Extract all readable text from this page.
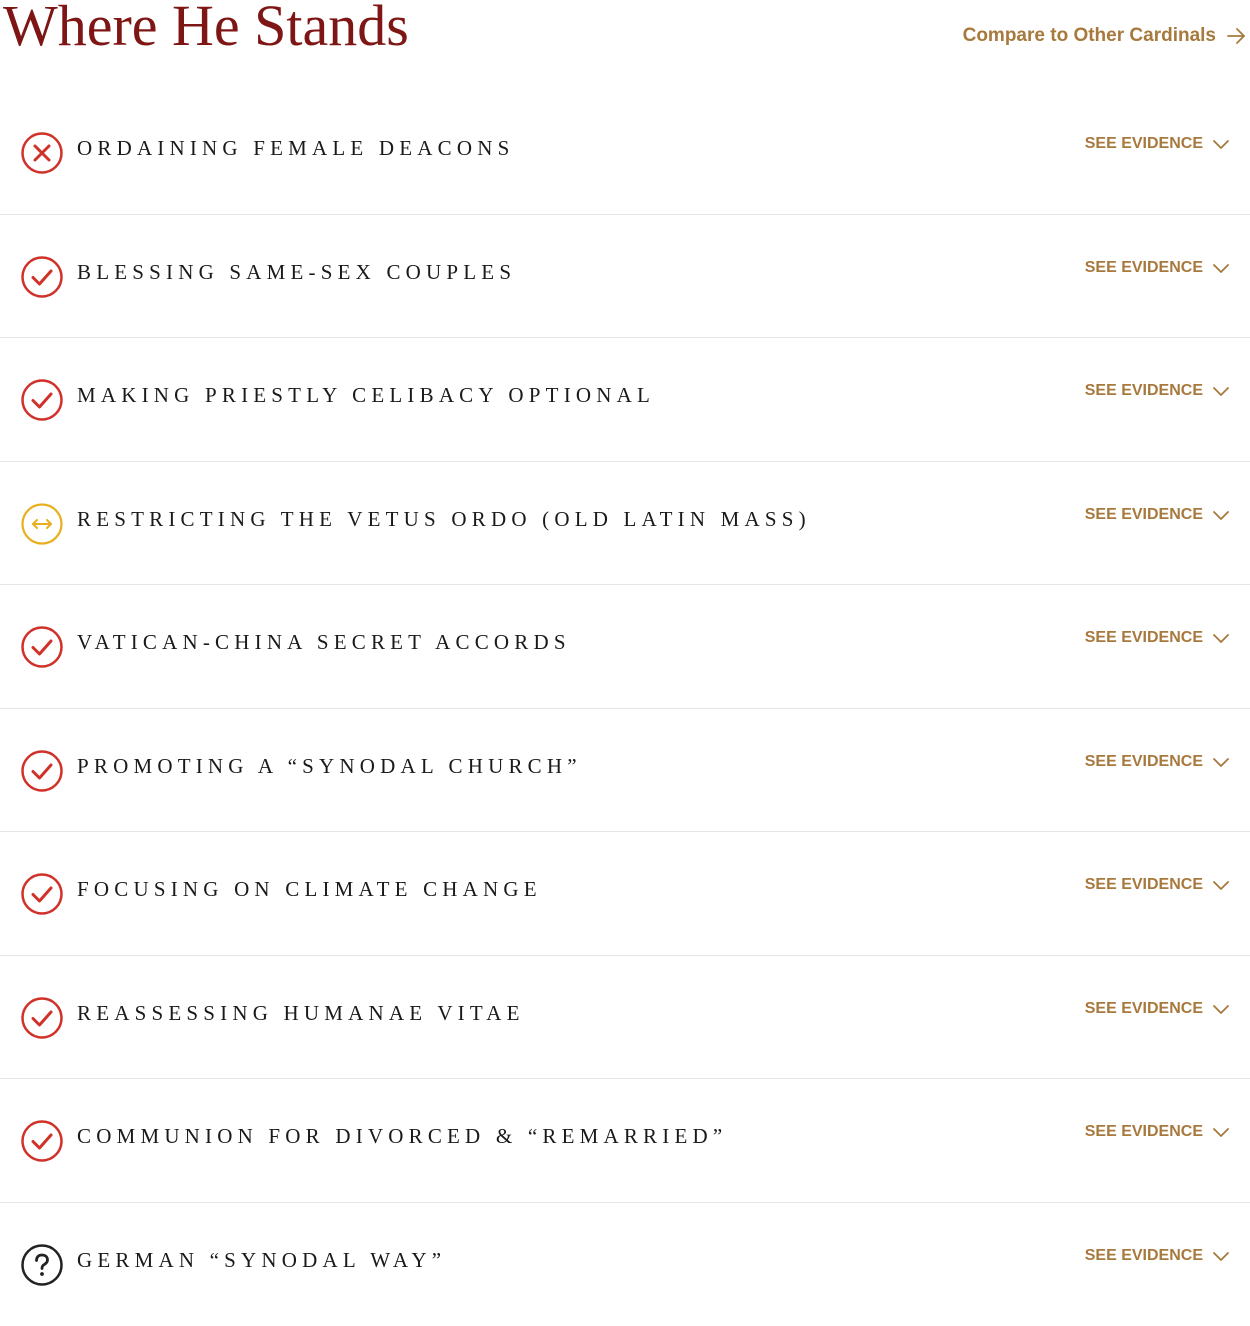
Where He Stands	Compare to Other Cardinals
ORDAINING FEMALE DEACONS	SEE EVIDENCE
BLESSING SAME-SEX COUPLES	SEE EVIDENCE
MAKING PRIESTLY CELIBACY OPTIONAL	SEE EVIDENCE
RESTRICTING THE VETUS ORDO (OLD LATIN MASS)	SEE EVIDENCE
VATICAN-CHINA SECRET ACCORDS	SEE EVIDENCE
PROMOTING A “SYNODAL CHURCH”	SEE EVIDENCE
FOCUSING ON CLIMATE CHANGE	SEE EVIDENCE
REASSESSING HUMANAE VITAE	SEE EVIDENCE
COMMUNION FOR DIVORCED & “REMARRIED”	SEE EVIDENCE
GERMAN “SYNODAL WAY”	SEE EVIDENCE
